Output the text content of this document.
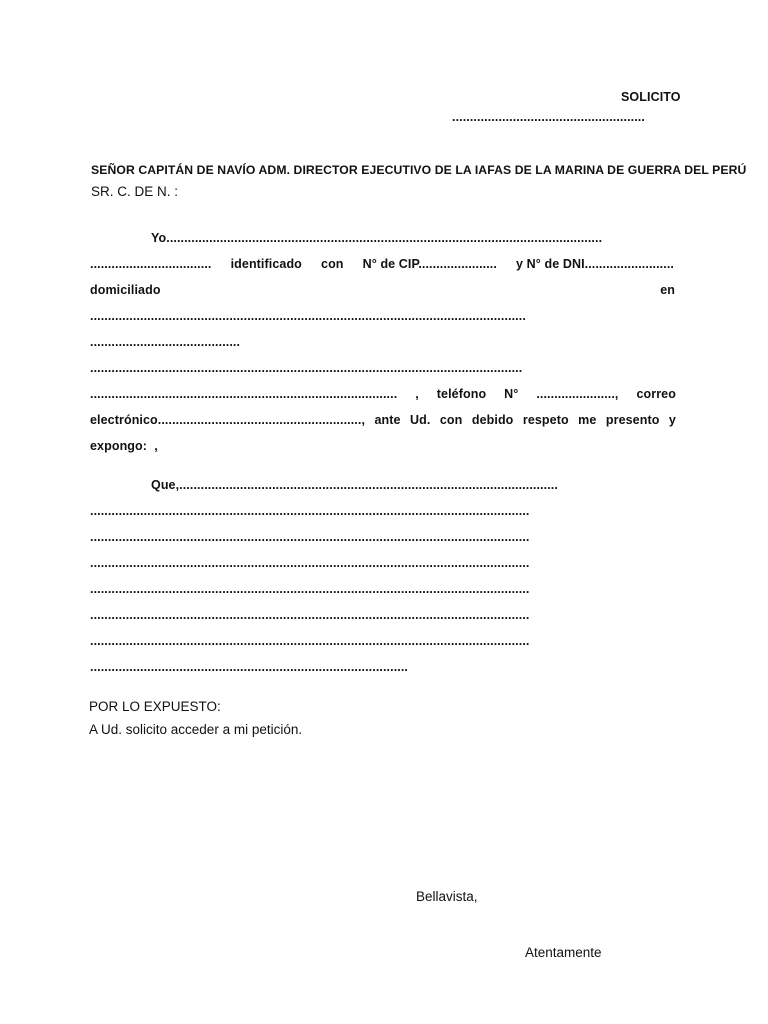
SOLICITO
......................................................
SEÑOR CAPITÁN DE NAVÍO ADM. DIRECTOR EJECUTIVO DE LA IAFAS DE LA MARINA DE GUERRA DEL PERÚ
SR. C. DE N. :
Yo..........................................................................................................................
.................................. identificado con N° de CIP...................... y N° de DNI.........................
domiciliado	en
..........................................................................................................................
..........................................
.........................................................................................................................
...................................................................................... , teléfono N° ......................, correo
electrónico........................................................., ante Ud. con debido respeto me presento y
expongo:  ,
Que,..........................................................................................................
...........................................................................................................................
...........................................................................................................................
...........................................................................................................................
...........................................................................................................................
...........................................................................................................................
...........................................................................................................................
.........................................................................................
POR LO EXPUESTO:
A Ud. solicito acceder a mi petición.
Bellavista,
Atentamente
